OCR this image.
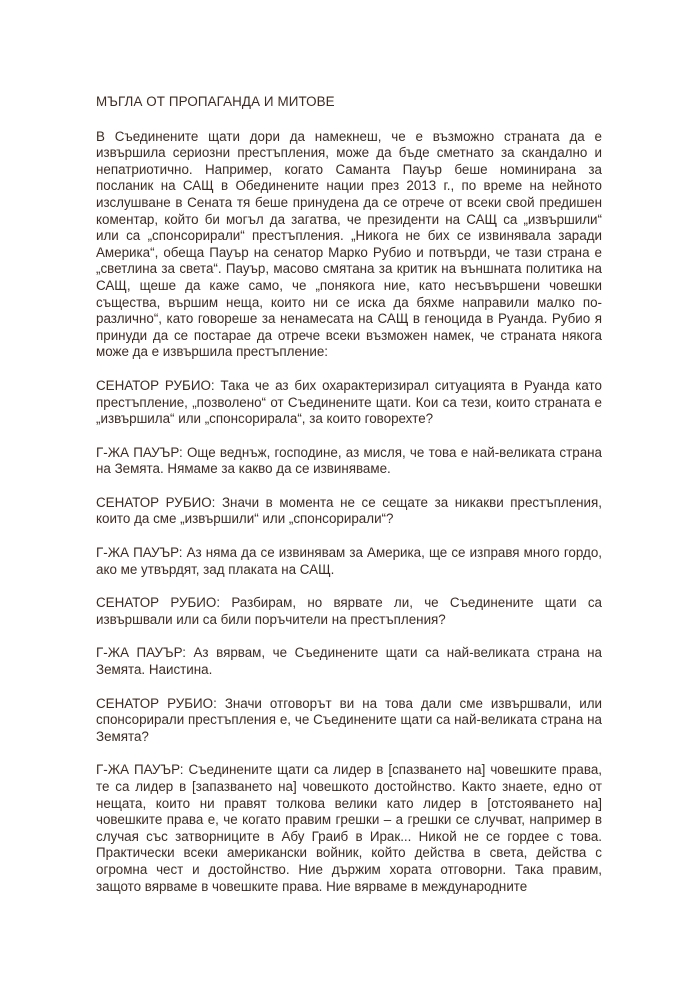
МЪГЛА ОТ ПРОПАГАНДА И МИТОВЕ

В Съединените щати дори да намекнеш, че е възможно страната да е извършила сериозни престъпления, може да бъде сметнато за скандално и непатриотично. Например, когато Саманта Пауър беше номинирана за посланик на САЩ в Обединените нации през 2013 г., по време на нейното изслушване в Сената тя беше принудена да се отрече от всеки свой предишен коментар, който би могъл да загатва, че президенти на САЩ са „извършили“ или са „спонсорирали“ престъпления. „Никога не бих се извинявала заради Америка“, обеща Пауър на сенатор Марко Рубио и потвърди, че тази страна е „светлина за света“. Пауър, масово смятана за критик на външната политика на САЩ, щеше да каже само, че „понякога ние, като несъвършени човешки същества, вършим неща, които ни се иска да бяхме направили малко по-различно“, като говореше за ненамесата на САЩ в геноцида в Руанда. Рубио я принуди да се постарае да отрече всеки възможен намек, че страната някога може да е извършила престъпление:

СЕНАТОР РУБИО: Така че аз бих охарактеризирал ситуацията в Руанда като престъпление, „позволено“ от Съединените щати. Кои са тези, които страната е „извършила“ или „спонсорирала“, за които говорехте?

Г-ЖА ПАУЪР: Още веднъж, господине, аз мисля, че това е най-великата страна на Земята. Нямаме за какво да се извиняваме.

СЕНАТОР РУБИО: Значи в момента не се сещате за никакви престъпления, които да сме „извършили“ или „спонсорирали“?

Г-ЖА ПАУЪР: Аз няма да се извинявам за Америка, ще се изправя много гордо, ако ме утвърдят, зад плаката на САЩ.

СЕНАТОР РУБИО: Разбирам, но вярвате ли, че Съединените щати са извършвали или са били поръчители на престъпления?

Г-ЖА ПАУЪР: Аз вярвам, че Съединените щати са най-великата страна на Земята. Наистина.

СЕНАТОР РУБИО: Значи отговорът ви на това дали сме извършвали, или спонсорирали престъпления е, че Съединените щати са най-великата страна на Земята?

Г-ЖА ПАУЪР: Съединените щати са лидер в [спазването на] човешките права, те са лидер в [запазването на] човешкото достойнство. Както знаете, едно от нещата, които ни правят толкова велики като лидер в [отстояването на] човешките права е, че когато правим грешки – а грешки се случват, например в случая със затворниците в Абу Граиб в Ирак... Никой не се гордее с това. Практически всеки американски войник, който действа в света, действа с огромна чест и достойнство. Ние държим хората отговорни. Така правим, защото вярваме в човешките права. Ние вярваме в международните
